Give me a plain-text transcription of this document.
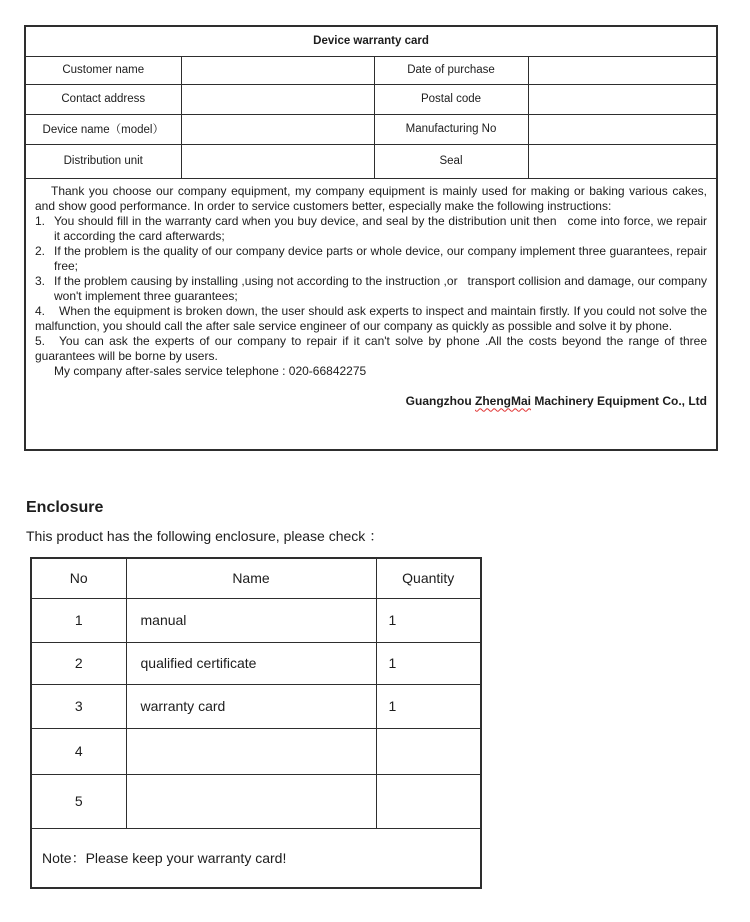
Device warranty card			
Customer name		Date of purchase	
Contact address		Postal code	
Device name（model）		Manufacturing No	
Distribution unit		Seal	

Thank you choose our company equipment, my company equipment is mainly used for making or baking various cakes, and show good performance. In order to service customers better, especially make the following instructions:

1. You should fill in the warranty card when you buy device, and seal by the distribution unit then   come into force, we repair it according the card afterwards;
2. If the problem is the quality of our company device parts or whole device, our company implement three guarantees, repair free;
3. If the problem causing by installing ,using not according to the instruction ,or   transport collision and damage, our company won't implement three guarantees;
4. When the equipment is broken down, the user should ask experts to inspect and maintain firstly. If you could not solve the malfunction, you should call the after sale service engineer of our company as quickly as possible and solve it by phone.
5. You can ask the experts of our company to repair if it can't solve by phone .All the costs beyond the range of three guarantees will be borne by users.
My company after-sales service telephone : 020-66842275
Guangzhou ZhengMai Machinery Equipment Co., Ltd
Enclosure
This product has the following enclosure, please check ：
No	Name	Quantity
1	manual	1
2	qualified certificate	1
3	warranty card	1
4		
5		
Note：Please keep your warranty card!		
